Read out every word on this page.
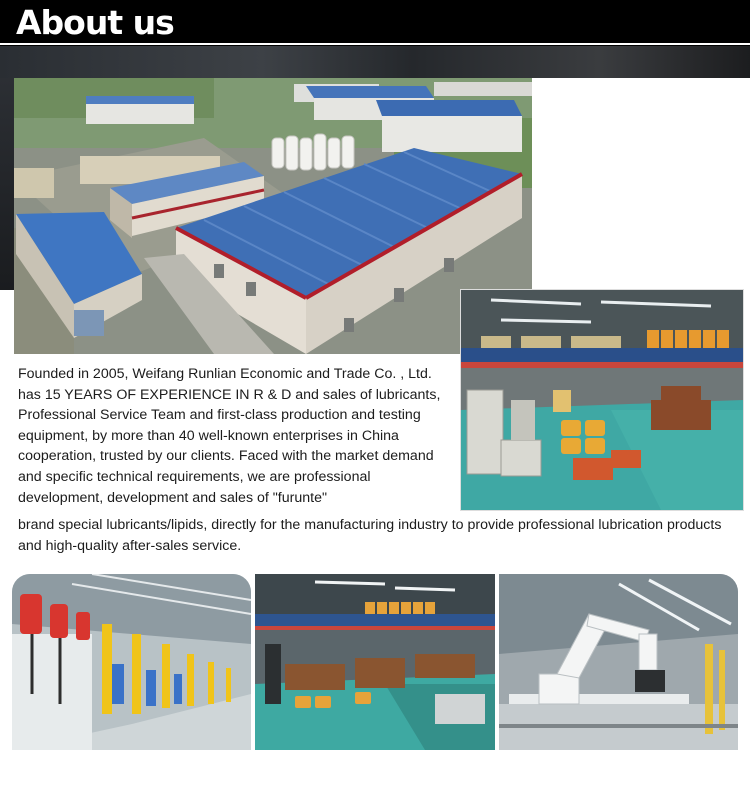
About us
Founded in 2005, Weifang Runlian Economic and Trade Co. , Ltd. has 15 YEARS OF EXPERIENCE IN R & D and sales of lubricants, Professional Service Team and first-class production and testing equipment, by more than 40 well-known enterprises in China cooperation, trusted by our clients. Faced with the market demand and specific technical requirements, we are professional development, development and sales of "furunte"
brand special lubricants/lipids, directly for the manufacturing industry to provide professional lubrication products and high-quality after-sales service.
